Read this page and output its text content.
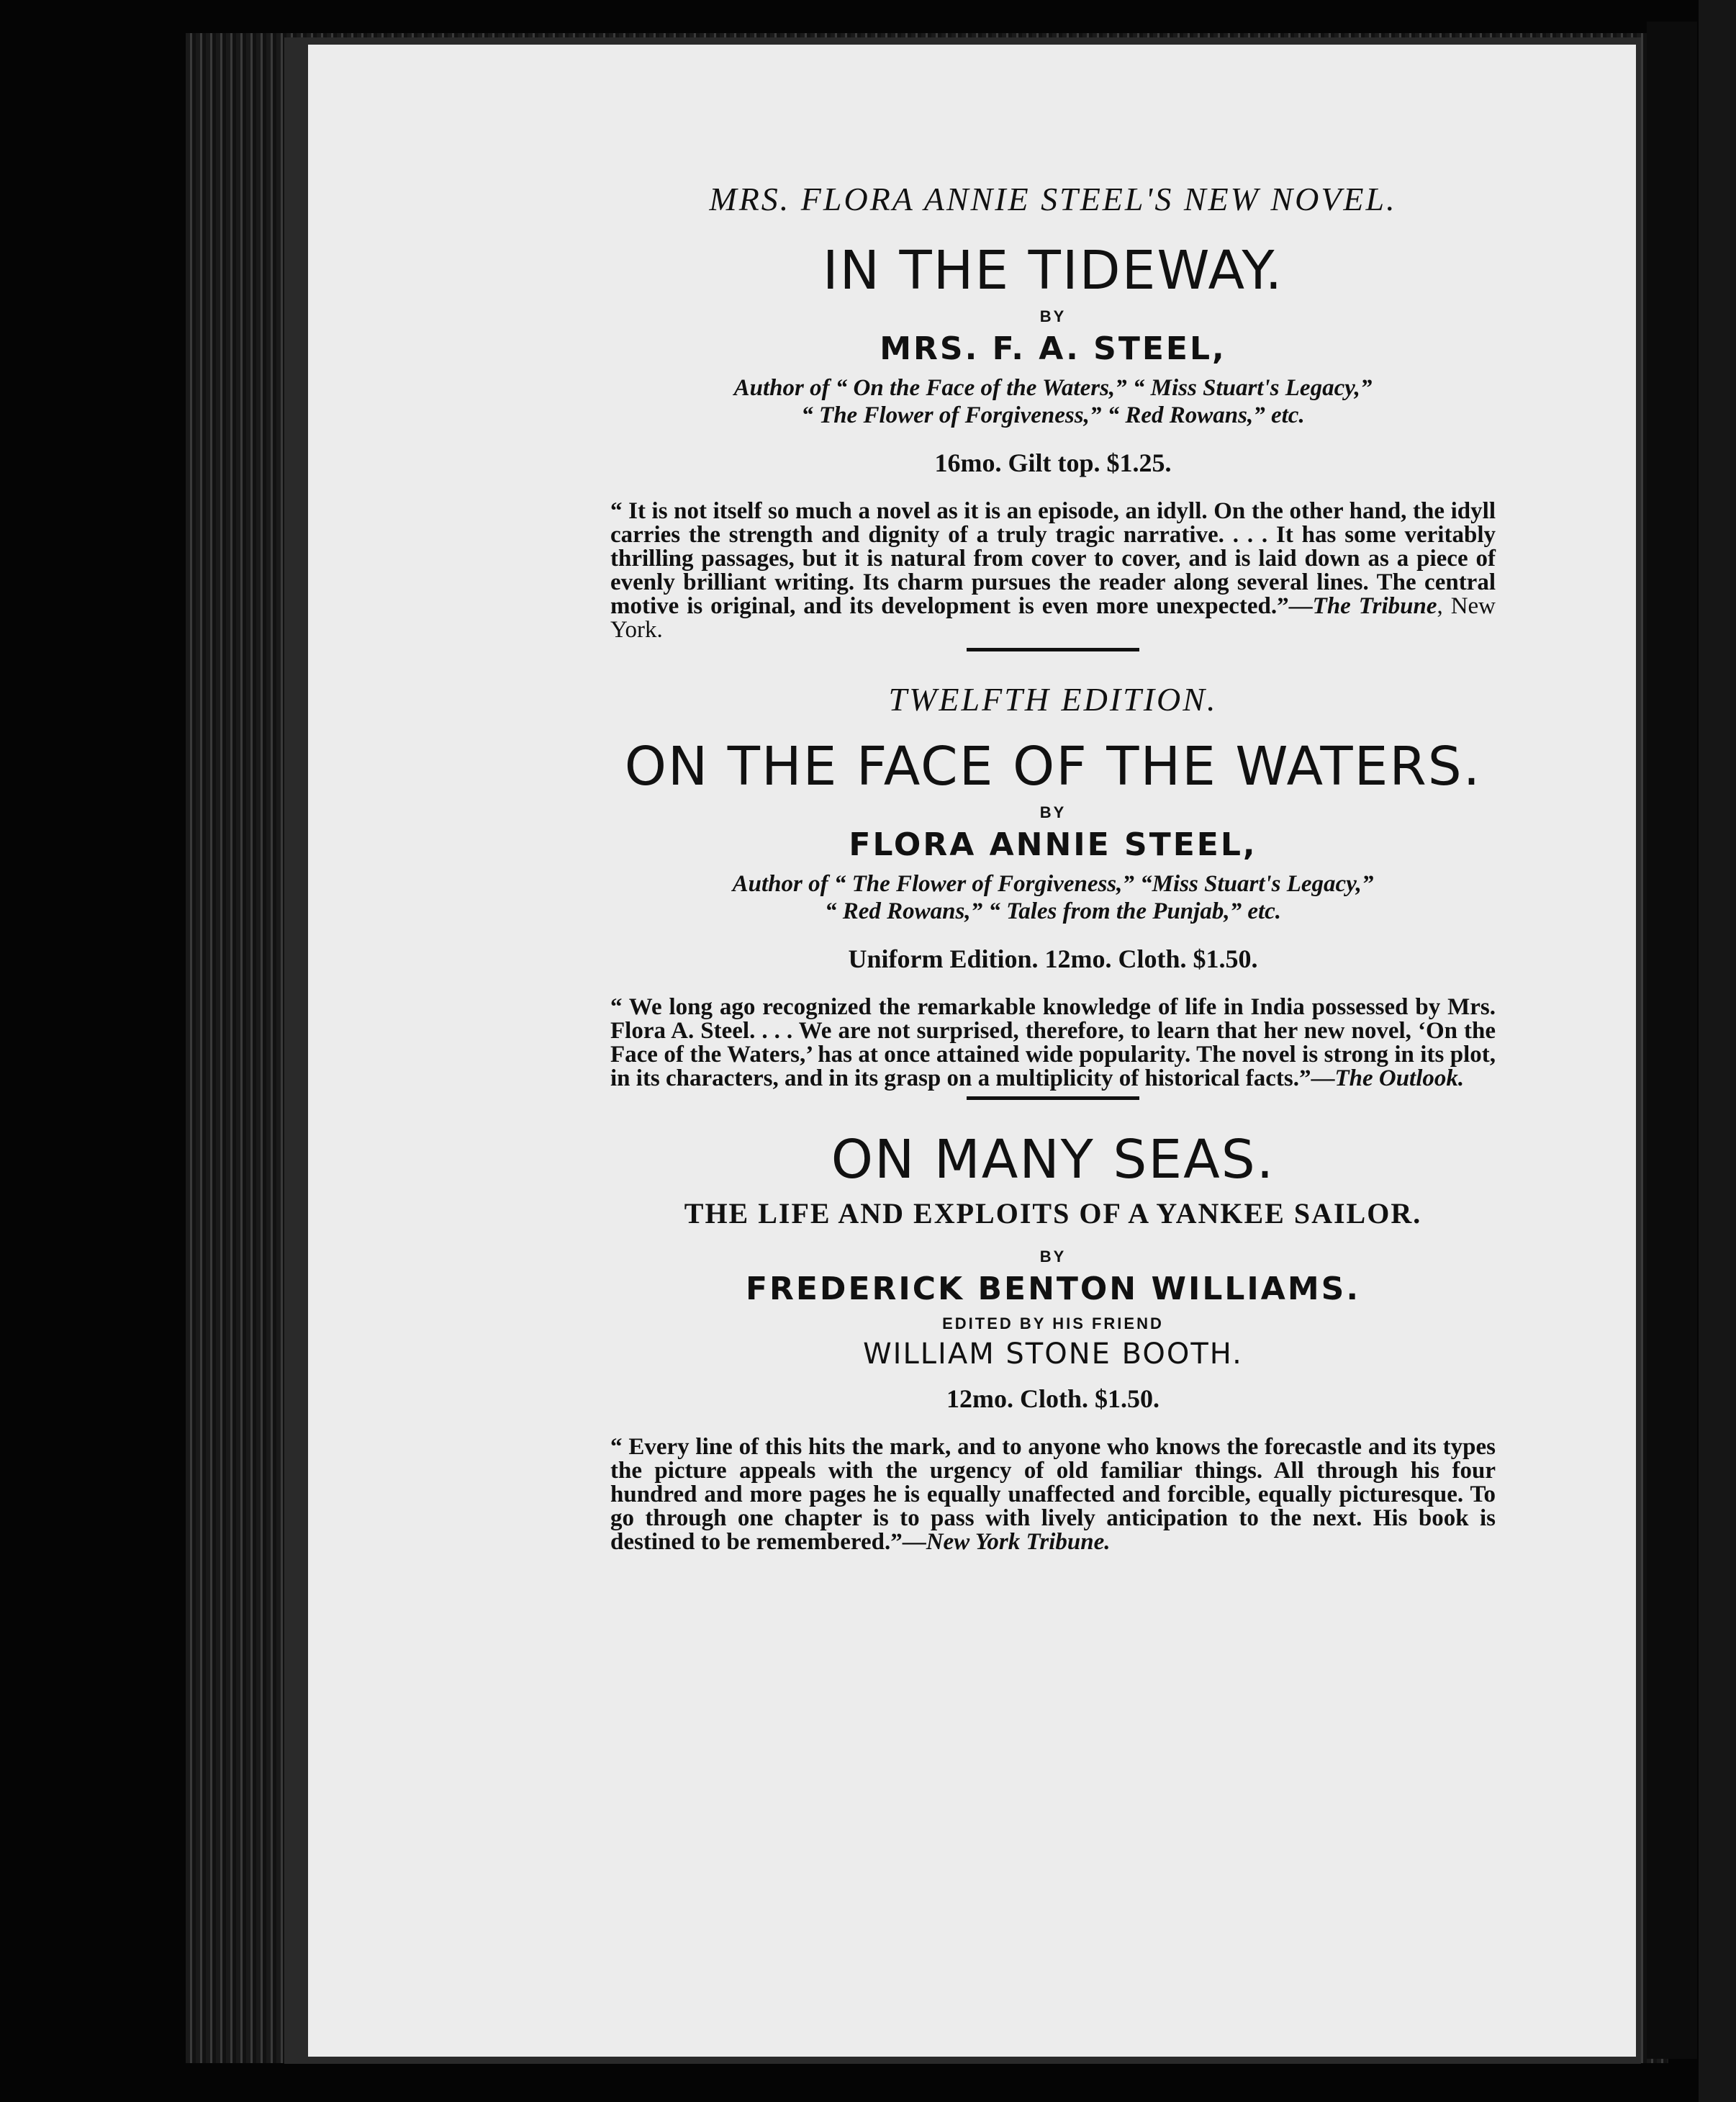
MRS. FLORA ANNIE STEEL'S NEW NOVEL.
IN THE TIDEWAY.
BY
MRS. F. A. STEEL,
Author of “ On the Face of the Waters,” “ Miss Stuart's Legacy,”
“ The Flower of Forgiveness,” “ Red Rowans,” etc.
16mo. Gilt top. $1.25.

“ It is not itself so much a novel as it is an episode, an idyll. On the other hand, the idyll carries the strength and dignity of a truly tragic narrative. . . . It has some veritably thrilling passages, but it is natural from cover to cover, and is laid down as a piece of evenly brilliant writing. Its charm pursues the reader along several lines. The central motive is original, and its development is even more unexpected.”—The Tribune, New York.

TWELFTH EDITION.
ON THE FACE OF THE WATERS.
BY
FLORA ANNIE STEEL,
Author of “ The Flower of Forgiveness,” “Miss Stuart's Legacy,”
“ Red Rowans,” “ Tales from the Punjab,” etc.
Uniform Edition. 12mo. Cloth. $1.50.

“ We long ago recognized the remarkable knowledge of life in India possessed by Mrs. Flora A. Steel. . . . We are not surprised, therefore, to learn that her new novel, ‘On the Face of the Waters,’ has at once attained wide popularity. The novel is strong in its plot, in its characters, and in its grasp on a multiplicity of historical facts.”—The Outlook.

ON MANY SEAS.
THE LIFE AND EXPLOITS OF A YANKEE SAILOR.
BY
FREDERICK BENTON WILLIAMS.
EDITED BY HIS FRIEND
WILLIAM STONE BOOTH.
12mo. Cloth. $1.50.

“ Every line of this hits the mark, and to anyone who knows the forecastle and its types the picture appeals with the urgency of old familiar things. All through his four hundred and more pages he is equally unaffected and forcible, equally picturesque. To go through one chapter is to pass with lively anticipation to the next. His book is destined to be remembered.”—New York Tribune.
